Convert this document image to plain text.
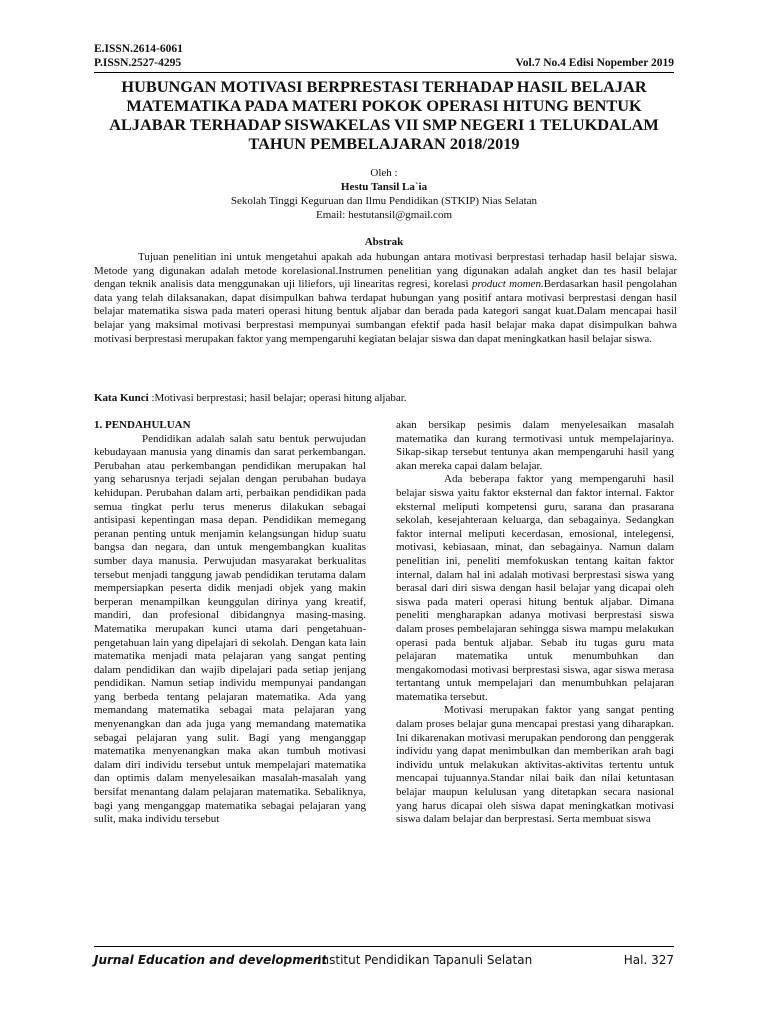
E.ISSN.2614-6061
P.ISSN.2527-4295	Vol.7 No.4 Edisi Nopember 2019
HUBUNGAN MOTIVASI BERPRESTASI TERHADAP HASIL BELAJAR MATEMATIKA PADA MATERI POKOK OPERASI HITUNG BENTUK ALJABAR TERHADAP SISWAKELAS VII SMP NEGERI 1 TELUKDALAM TAHUN PEMBELAJARAN 2018/2019
Oleh :
Hestu Tansil La`ia
Sekolah Tinggi Keguruan dan Ilmu Pendidikan (STKIP) Nias Selatan
Email: hestutansil@gmail.com
Abstrak

Tujuan penelitian ini untuk mengetahui apakah ada hubungan antara motivasi berprestasi terhadap hasil belajar siswa. Metode yang digunakan adalah metode korelasional.Instrumen penelitian yang digunakan adalah angket dan tes hasil belajar dengan teknik analisis data menggunakan uji liliefors, uji linearitas regresi, korelasi product momen.Berdasarkan hasil pengolahan data yang telah dilaksanakan, dapat disimpulkan bahwa terdapat hubungan yang positif antara motivasi berprestasi dengan hasil belajar matematika siswa pada materi operasi hitung bentuk aljabar dan berada pada kategori sangat kuat.Dalam mencapai hasil belajar yang maksimal motivasi berprestasi mempunyai sumbangan efektif pada hasil belajar maka dapat disimpulkan bahwa motivasi berprestasi merupakan faktor yang mempengaruhi kegiatan belajar siswa dan dapat meningkatkan hasil belajar siswa.

Kata Kunci :Motivasi berprestasi; hasil belajar; operasi hitung aljabar.

1. PENDAHULUAN

Pendidikan adalah salah satu bentuk perwujudan kebudayaan manusia yang dinamis dan sarat perkembangan. Perubahan atau perkembangan pendidikan merupakan hal yang seharusnya terjadi sejalan dengan perubahan budaya kehidupan. Perubahan dalam arti, perbaikan pendidikan pada semua tingkat perlu terus menerus dilakukan sebagai antisipasi kepentingan masa depan. Pendidikan memegang peranan penting untuk menjamin kelangsungan hidup suatu bangsa dan negara, dan untuk mengembangkan kualitas sumber daya manusia. Perwujudan masyarakat berkualitas tersebut menjadi tanggung jawab pendidikan terutama dalam mempersiapkan peserta didik menjadi objek yang makin berperan menampilkan keunggulan dirinya yang kreatif, mandiri, dan profesional dibidangnya masing-masing. Matematika merupakan kunci utama dari pengetahuan-pengetahuan lain yang dipelajari di sekolah. Dengan kata lain matematika menjadi mata pelajaran yang sangat penting dalam pendidikan dan wajib dipelajari pada setiap jenjang pendidikan. Namun setiap individu mempunyai pandangan yang berbeda tentang pelajaran matematika. Ada yang memandang matematika sebagai mata pelajaran yang menyenangkan dan ada juga yang memandang matematika sebagai pelajaran yang sulit. Bagi yang menganggap matematika menyenangkan maka akan tumbuh motivasi dalam diri individu tersebut untuk mempelajari matematika dan optimis dalam menyelesaikan masalah-masalah yang bersifat menantang dalam pelajaran matematika. Sebaliknya, bagi yang menganggap matematika sebagai pelajaran yang sulit, maka individu tersebut

akan bersikap pesimis dalam menyelesaikan masalah matematika dan kurang termotivasi untuk mempelajarinya. Sikap-sikap tersebut tentunya akan mempengaruhi hasil yang akan mereka capai dalam belajar.

Ada beberapa faktor yang mempengaruhi hasil belajar siswa yaitu faktor eksternal dan faktor internal. Faktor eksternal meliputi kompetensi guru, sarana dan prasarana sekolah, kesejahteraan keluarga, dan sebagainya. Sedangkan faktor internal meliputi kecerdasan, emosional, intelegensi, motivasi, kebiasaan, minat, dan sebagainya. Namun dalam penelitian ini, peneliti memfokuskan tentang kaitan faktor internal, dalam hal ini adalah motivasi berprestasi siswa yang berasal dari diri siswa dengan hasil belajar yang dicapai oleh siswa pada materi operasi hitung bentuk aljabar. Dimana peneliti mengharapkan adanya motivasi berprestasi siswa dalam proses pembelajaran sehingga siswa mampu melakukan operasi pada bentuk aljabar. Sebab itu tugas guru mata pelajaran matematika untuk menumbuhkan dan mengakomodasi motivasi berprestasi siswa, agar siswa merasa tertantang untuk mempelajari dan menumbuhkan pelajaran matematika tersebut.

Motivasi merupakan faktor yang sangat penting dalam proses belajar guna mencapai prestasi yang diharapkan. Ini dikarenakan motivasi merupakan pendorong dan penggerak individu yang dapat menimbulkan dan memberikan arah bagi individu untuk melakukan aktivitas-aktivitas tertentu untuk mencapai tujuannya.Standar nilai baik dan nilai ketuntasan belajar maupun kelulusan yang ditetapkan secara nasional yang harus dicapai oleh siswa dapat meningkatkan motivasi siswa dalam belajar dan berprestasi. Serta membuat siswa

Jurnal Education and development
Institut Pendidikan Tapanuli Selatan	Hal. 327
